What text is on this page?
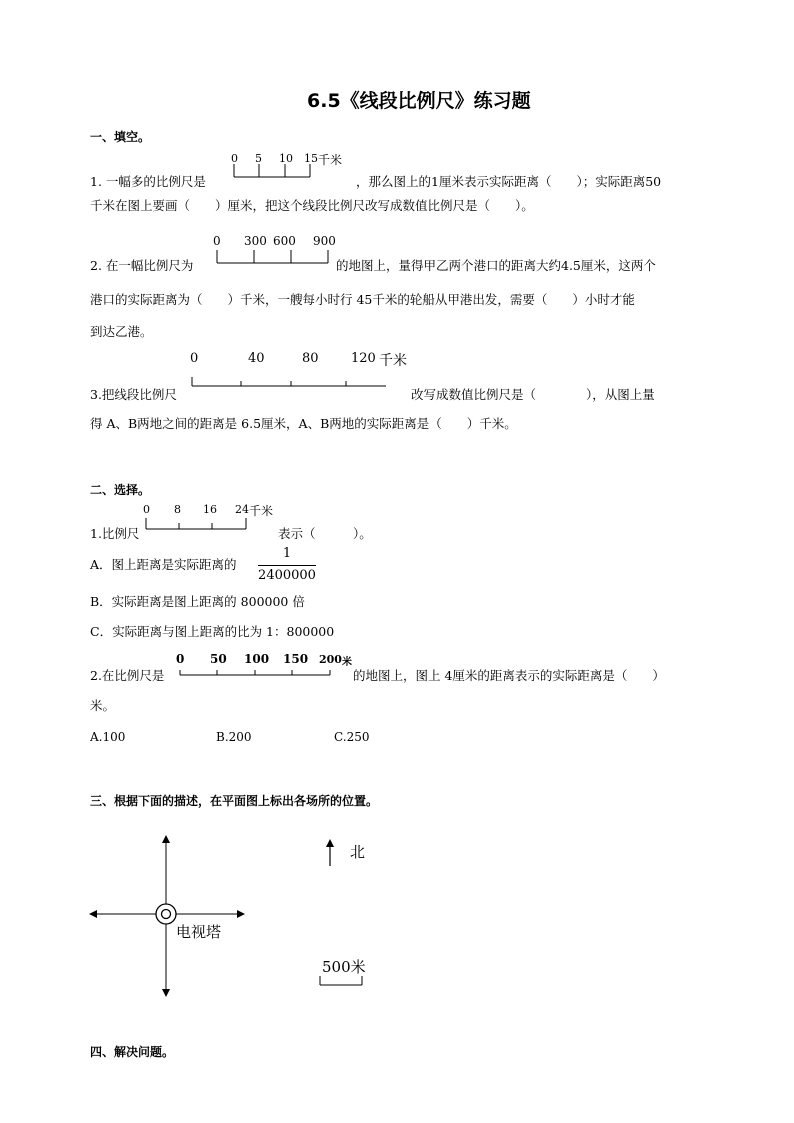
6.5《线段比例尺》练习题
一、填空。
0 5 10 15 千米
1. 一幅多的比例尺是	，那么图上的1厘米表示实际距离（　　）；实际距离50
千米在图上要画（　　）厘米，把这个线段比例尺改写成数值比例尺是（　　）。
0 300 600 900
2. 在一幅比例尺为	的地图上，量得甲乙两个港口的距离大约4.5厘米，这两个
港口的实际距离为（　　）千米，一艘每小时行 45千米的轮船从甲港出发，需要（　　）小时才能
到达乙港。
0	40	80 120 千米
3.把线段比例尺	改写成数值比例尺是（　　　　），从图上量
得 A、B两地之间的距离是 6.5厘米，A、B两地的实际距离是（　　）千米。
二、选择。
0 8 16 24 千米
1.比例尺	表示（　　　）。
A．图上距离是实际距离的
1
2400000
B．实际距离是图上距离的 800000 倍
C．实际距离与图上距离的比为 1：800000
0 50 100 150 200 米
2.在比例尺是	的地图上，图上 4厘米的距离表示的实际距离是（　　）
米。
A.100	B.200	C.250
三、根据下面的描述，在平面图上标出各场所的位置。
电视塔
北
500米
四、解决问题。
